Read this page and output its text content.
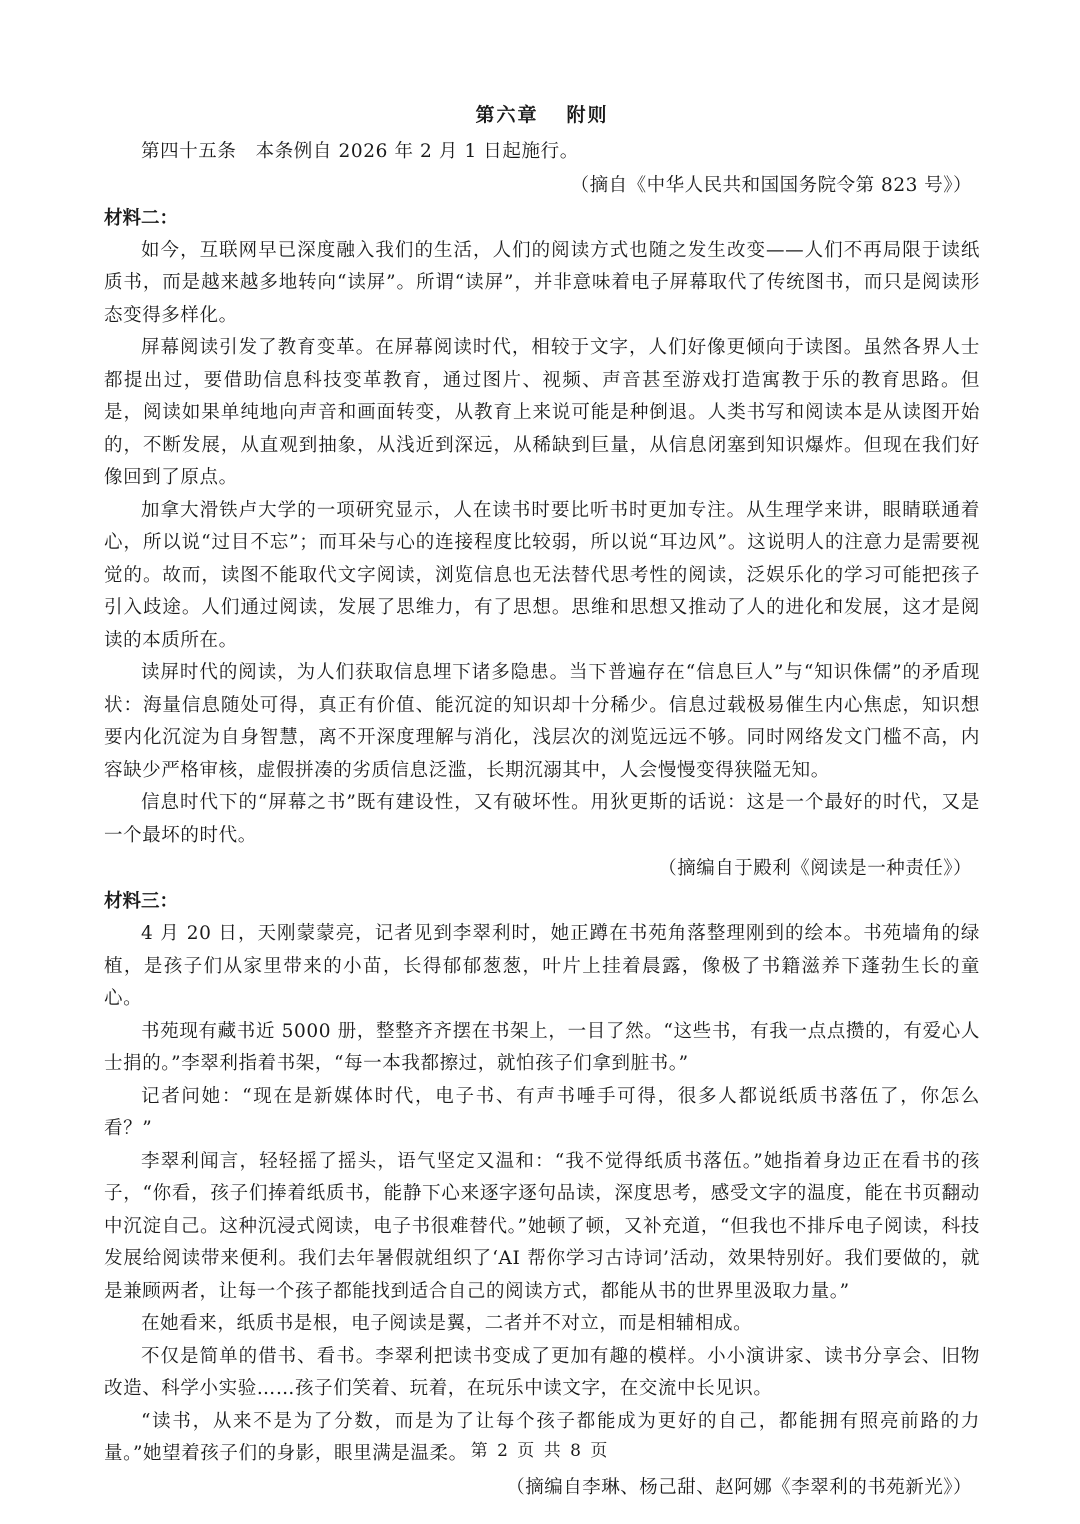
第六章 附则

第四十五条　本条例自 2026 年 2 月 1 日起施行。

（摘自《中华人民共和国国务院令第 823 号》）

材料二：

如今，互联网早已深度融入我们的生活，人们的阅读方式也随之发生改变——人们不再局限于读纸质书，而是越来越多地转向“读屏”。所谓“读屏”，并非意味着电子屏幕取代了传统图书，而只是阅读形态变得多样化。

屏幕阅读引发了教育变革。在屏幕阅读时代，相较于文字，人们好像更倾向于读图。虽然各界人士都提出过，要借助信息科技变革教育，通过图片、视频、声音甚至游戏打造寓教于乐的教育思路。但是，阅读如果单纯地向声音和画面转变，从教育上来说可能是种倒退。人类书写和阅读本是从读图开始的，不断发展，从直观到抽象，从浅近到深远，从稀缺到巨量，从信息闭塞到知识爆炸。但现在我们好像回到了原点。

加拿大滑铁卢大学的一项研究显示，人在读书时要比听书时更加专注。从生理学来讲，眼睛联通着心，所以说“过目不忘”；而耳朵与心的连接程度比较弱，所以说“耳边风”。这说明人的注意力是需要视觉的。故而，读图不能取代文字阅读，浏览信息也无法替代思考性的阅读，泛娱乐化的学习可能把孩子引入歧途。人们通过阅读，发展了思维力，有了思想。思维和思想又推动了人的进化和发展，这才是阅读的本质所在。

读屏时代的阅读，为人们获取信息埋下诸多隐患。当下普遍存在“信息巨人”与“知识侏儒”的矛盾现状：海量信息随处可得，真正有价值、能沉淀的知识却十分稀少。信息过载极易催生内心焦虑，知识想要内化沉淀为自身智慧，离不开深度理解与消化，浅层次的浏览远远不够。同时网络发文门槛不高，内容缺少严格审核，虚假拼凑的劣质信息泛滥，长期沉溺其中，人会慢慢变得狭隘无知。

信息时代下的“屏幕之书”既有建设性，又有破坏性。用狄更斯的话说：这是一个最好的时代，又是一个最坏的时代。

（摘编自于殿利《阅读是一种责任》）

材料三：

4 月 20 日，天刚蒙蒙亮，记者见到李翠利时，她正蹲在书苑角落整理刚到的绘本。书苑墙角的绿植，是孩子们从家里带来的小苗，长得郁郁葱葱，叶片上挂着晨露，像极了书籍滋养下蓬勃生长的童心。

书苑现有藏书近 5000 册，整整齐齐摆在书架上，一目了然。“这些书，有我一点点攒的，有爱心人士捐的。”李翠利指着书架，“每一本我都擦过，就怕孩子们拿到脏书。”

记者问她：“现在是新媒体时代，电子书、有声书唾手可得，很多人都说纸质书落伍了，你怎么看？”

李翠利闻言，轻轻摇了摇头，语气坚定又温和：“我不觉得纸质书落伍。”她指着身边正在看书的孩子，“你看，孩子们捧着纸质书，能静下心来逐字逐句品读，深度思考，感受文字的温度，能在书页翻动中沉淀自己。这种沉浸式阅读，电子书很难替代。”她顿了顿，又补充道，“但我也不排斥电子阅读，科技发展给阅读带来便利。我们去年暑假就组织了‘AI 帮你学习古诗词’活动，效果特别好。我们要做的，就是兼顾两者，让每一个孩子都能找到适合自己的阅读方式，都能从书的世界里汲取力量。”

在她看来，纸质书是根，电子阅读是翼，二者并不对立，而是相辅相成。

不仅是简单的借书、看书。李翠利把读书变成了更加有趣的模样。小小演讲家、读书分享会、旧物改造、科学小实验……孩子们笑着、玩着，在玩乐中读文字，在交流中长见识。

“读书，从来不是为了分数，而是为了让每个孩子都能成为更好的自己，都能拥有照亮前路的力量。”她望着孩子们的身影，眼里满是温柔。

（摘编自李琳、杨己甜、赵阿娜《李翠利的书苑新光》）

第 2 页 共 8 页
